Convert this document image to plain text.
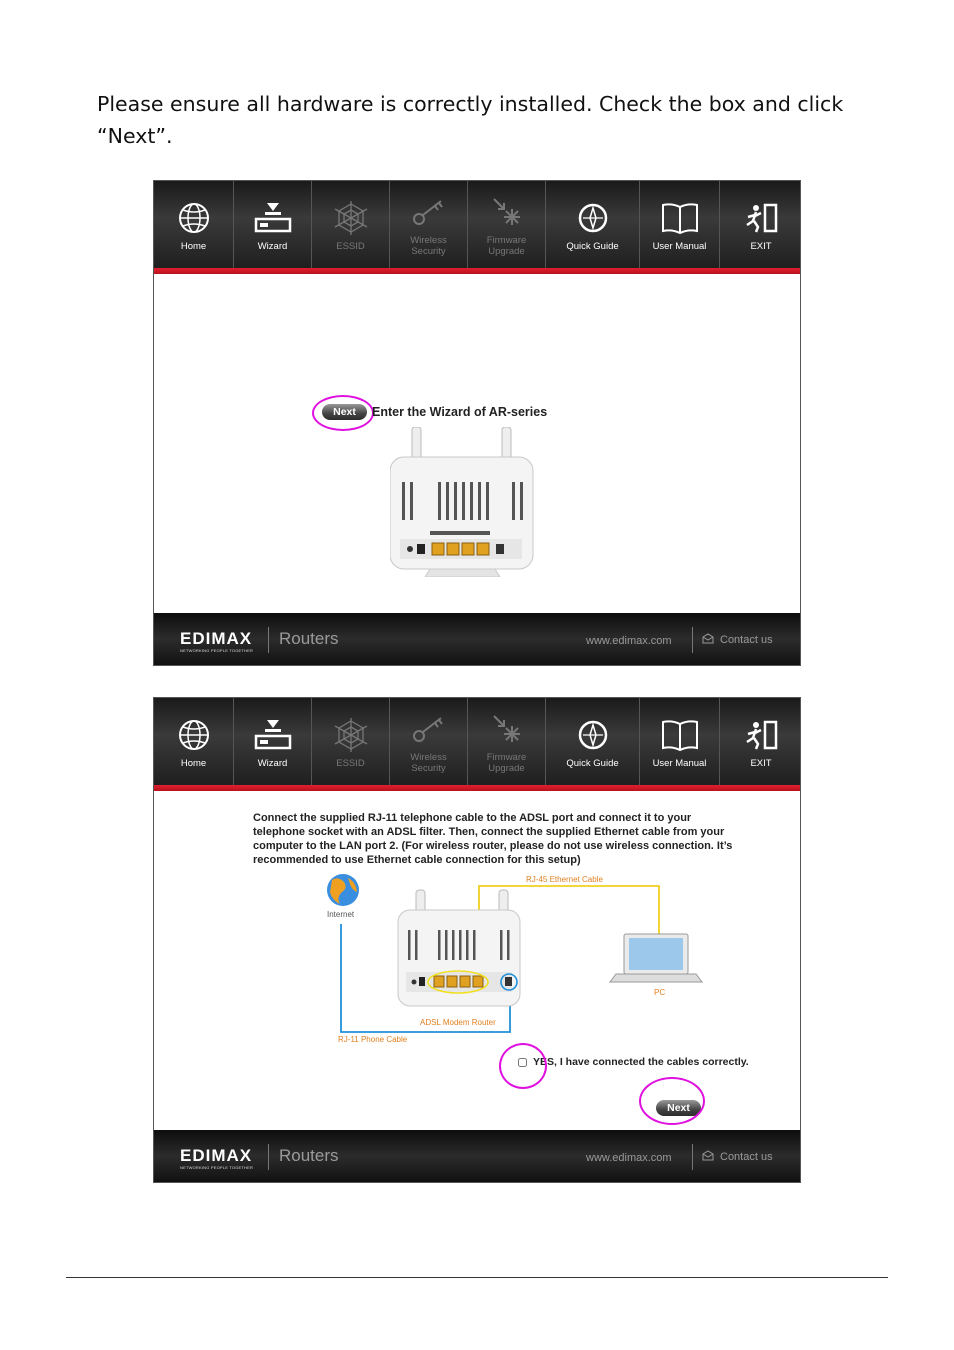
Please ensure all hardware is correctly installed. Check the box and click “Next”.

Home	Wizard	ESSID
Wireless Security
Firmware Upgrade	Quick Guide	User Manual	EXIT
Next	Enter the Wizard of AR-series
EDIMAX
NETWORKING PEOPLE TOGETHER
Routers	www.edimax.com	Contact us
Home	Wizard	ESSID
Wireless Security
Firmware Upgrade	Quick Guide	User Manual	EXIT

Connect the supplied RJ-11 telephone cable to the ADSL port and connect it to your telephone socket with an ADSL filter. Then, connect the supplied Ethernet cable from your computer to the LAN port 2. (For wireless router, please do not use wireless connection. It’s recommended to use Ethernet cable connection for this setup)

Internet
RJ-45 Ethernet Cable
PC
ADSL Modem Router
RJ-11 Phone Cable
YES, I have connected the cables correctly.
Next
EDIMAX
NETWORKING PEOPLE TOGETHER
Routers	www.edimax.com	Contact us
